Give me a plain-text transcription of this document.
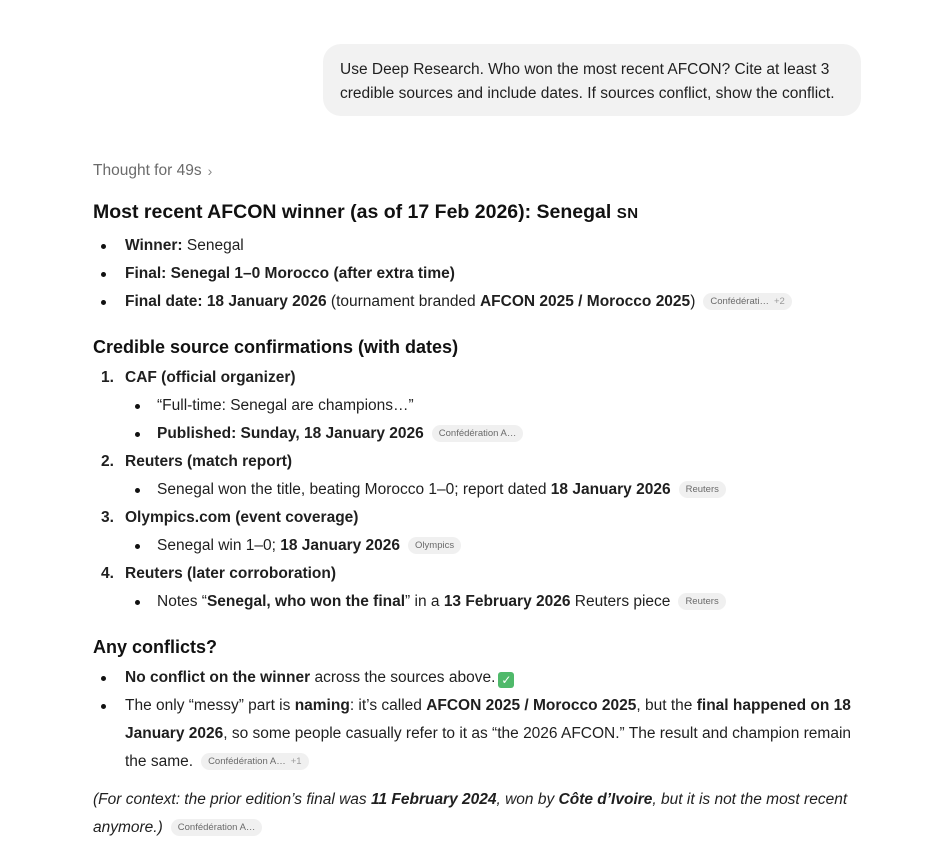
Use Deep Research. Who won the most recent AFCON? Cite at least 3 credible sources and include dates. If sources conflict, show the conflict.
Thought for 49s ›
Most recent AFCON winner (as of 17 Feb 2026): Senegal SN
Winner: Senegal
Final: Senegal 1–0 Morocco (after extra time)
Final date: 18 January 2026 (tournament branded AFCON 2025 / Morocco 2025) Confédérati… +2
Credible source confirmations (with dates)
1. CAF (official organizer)
“Full-time: Senegal are champions…”
Published: Sunday, 18 January 2026 Confédération A…
2. Reuters (match report)
Senegal won the title, beating Morocco 1–0; report dated 18 January 2026 Reuters
3. Olympics.com (event coverage)
Senegal win 1–0; 18 January 2026 Olympics
4. Reuters (later corroboration)
Notes “Senegal, who won the final” in a 13 February 2026 Reuters piece Reuters
Any conflicts?
No conflict on the winner across the sources above. ✓
The only “messy” part is naming: it’s called AFCON 2025 / Morocco 2025, but the final happened on 18 January 2026, so some people casually refer to it as “the 2026 AFCON.” The result and champion remain the same. Confédération A… +1
(For context: the prior edition’s final was 11 February 2024, won by Côte d’Ivoire, but it is not the most recent anymore.) Confédération A…
